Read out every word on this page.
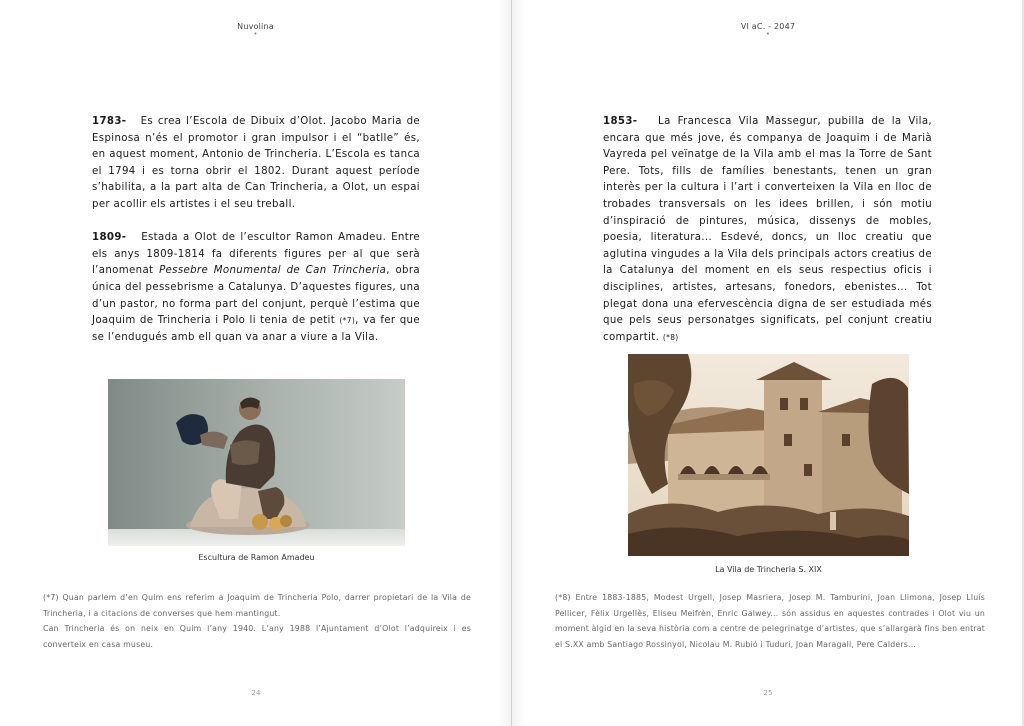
Nuvolina
•

1783- Es crea l’Escola de Dibuix d’Olot. Jacobo Maria de Espinosa n’és el promotor i gran impulsor i el “batlle” és, en aquest moment, Antonio de Trincheria. L’Escola es tanca el 1794 i es torna obrir el 1802. Durant aquest període s’habilita, a la part alta de Can Trincheria, a Olot, un espai per acollir els artistes i el seu treball.

1809- Estada a Olot de l’escultor Ramon Amadeu. Entre els anys 1809-1814 fa diferents figures per al que serà l’anomenat Pessebre Monumental de Can Trincheria, obra única del pessebrisme a Catalunya. D’aquestes figures, una d’un pastor, no forma part del conjunt, perquè l’estima que Joaquim de Trincheria i Polo li tenia de petit (*7), va fer que se l’endugués amb ell quan va anar a viure a la Vila.

Escultura de Ramon Amadeu

(*7) Quan parlem d’en Quim ens referim a Joaquim de Trincheria Polo, darrer propietari de la Vila de Trincheria, i a citacions de converses que hem mantingut.

Can Trincheria és on neix en Quim l’any 1940. L’any 1988 l’Ajuntament d’Olot l’adquireix i es converteix en casa museu.

24
VI aC. - 2047
•

1853- La Francesca Vila Massegur, pubilla de la Vila, encara que més jove, és companya de Joaquim i de Marià Vayreda pel veïnatge de la Vila amb el mas la Torre de Sant Pere. Tots, fills de famílies benestants, tenen un gran interès per la cultura i l’art i converteixen la Vila en lloc de trobades transversals on les idees brillen, i són motiu d’inspiració de pintures, música, dissenys de mobles, poesia, literatura... Esdevé, doncs, un lloc creatiu que aglutina vingudes a la Vila dels principals actors creatius de la Catalunya del moment en els seus respectius oficis i disciplines, artistes, artesans, fonedors, ebenistes... Tot plegat dona una efervescència digna de ser estudiada més que pels seus personatges significats, pel conjunt creatiu compartit. (*8)

La Vila de Trincheria S. XIX

(*8) Entre 1883-1885, Modest Urgell, Josep Masriera, Josep M. Tamburini, Joan Llimona, Josep Lluís Pellicer, Fèlix Urgellès, Eliseu Meifrèn, Enric Galwey... són assidus en aquestes contrades i Olot viu un moment àlgid en la seva història com a centre de pelegrinatge d’artistes, que s’allargarà fins ben entrat el S.XX amb Santiago Rossinyol, Nicolau M. Rubió i Tudurí, Joan Maragall, Pere Calders...

25
